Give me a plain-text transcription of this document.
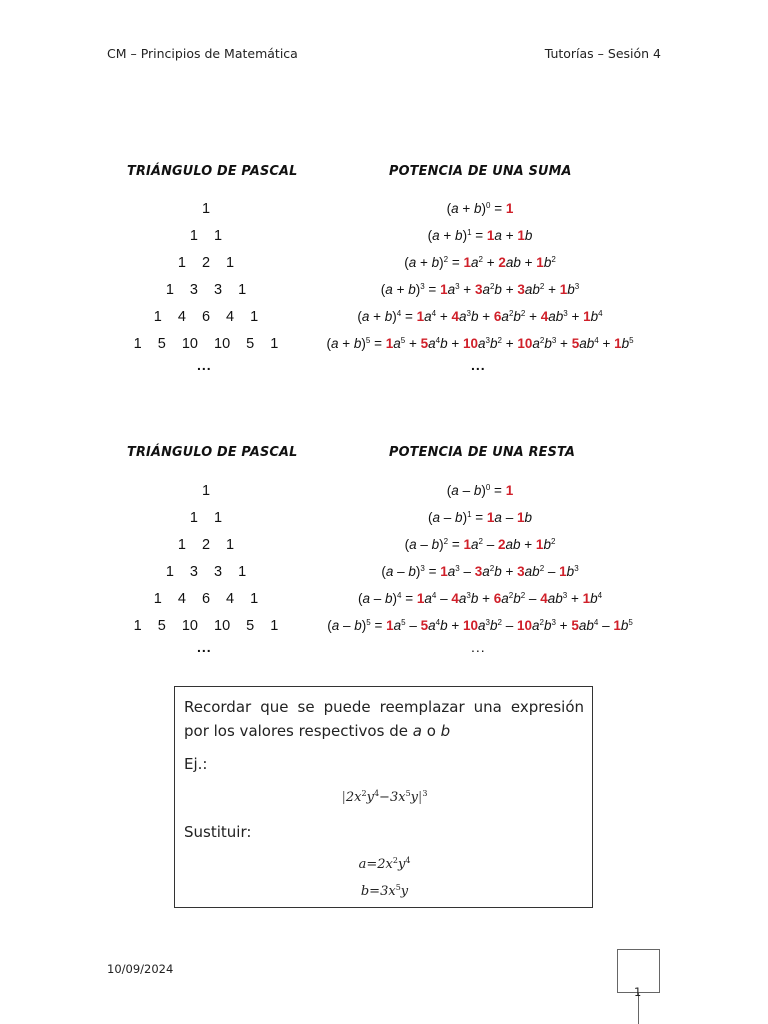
CM – Principios de Matemática	Tutorías – Sesión 4
TRIÁNGULO DE PASCAL	POTENCIA DE UNA SUMA
1
1 1
1 2 1
1 3 3 1
1 4 6 4 1
1 5 10 10 5 1
...
$(a + b)^0 = 1$
$(a + b)^1 = 1a + 1b$
$(a + b)^2 = 1a^2 + 2ab + 1b^2$
$(a + b)^3 = 1a^3 + 3a^2b + 3ab^2 + 1b^3$
$(a + b)^4 = 1a^4 + 4a^3b + 6a^2b^2 + 4ab^3 + 1b^4$
$(a + b)^5 = 1a^5 + 5a^4b + 10a^3b^2 + 10a^2b^3 + 5ab^4 + 1b^5$
...
TRIÁNGULO DE PASCAL	POTENCIA DE UNA RESTA
1
1 1
1 2 1
1 3 3 1
1 4 6 4 1
1 5 10 10 5 1
...
(a – b)$^0$ = 1
(a – b)$^1$ = 1a – 1b
$(a - b)^2 = 1a^2 - 2ab + 1b^2$
$(a - b)^3 = 1a^3 - 3a^2b + 3ab^2 - 1b^3$
$(a - b)^4 = 1a^4 - 4a^3b + 6a^2b^2 - 4ab^3 + 1b^4$
$(a - b)^5 = 1a^5 - 5a^4b + 10a^3b^2 - 10a^2b^3 + 5ab^4 - 1b^5$
...
Recordar que se puede reemplazar una expresión por los valores respectivos de a o b
Ej.:
$|2x^2y^4-3x^5y|^3$
Sustituir:
$a=2x^2y^4$
$b=3x^5y$
10/09/2024
1
